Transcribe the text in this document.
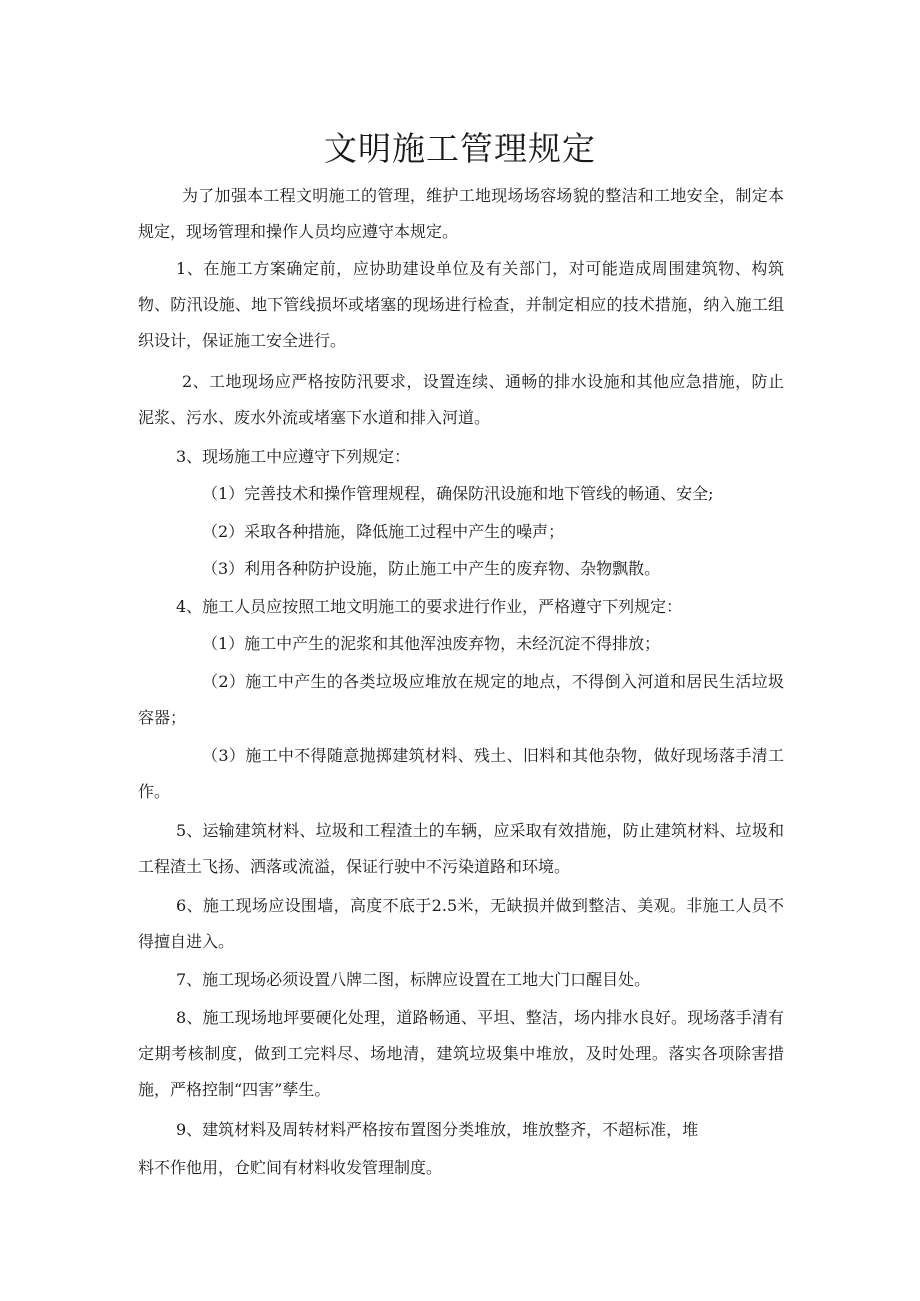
文明施工管理规定

为了加强本工程文明施工的管理，维护工地现场场容场貌的整洁和工地安全，制定本规定，现场管理和操作人员均应遵守本规定。

1、在施工方案确定前，应协助建设单位及有关部门，对可能造成周围建筑物、构筑物、防汛设施、地下管线损坏或堵塞的现场进行检查，并制定相应的技术措施，纳入施工组织设计，保证施工安全进行。

2、工地现场应严格按防汛要求，设置连续、通畅的排水设施和其他应急措施，防止泥浆、污水、废水外流或堵塞下水道和排入河道。

3、现场施工中应遵守下列规定：

（1）完善技术和操作管理规程，确保防汛设施和地下管线的畅通、安全;

（2）采取各种措施，降低施工过程中产生的噪声；

（3）利用各种防护设施，防止施工中产生的废弃物、杂物飘散。

4、施工人员应按照工地文明施工的要求进行作业，严格遵守下列规定：

（1）施工中产生的泥浆和其他浑浊废弃物，未经沉淀不得排放；

（2）施工中产生的各类垃圾应堆放在规定的地点，不得倒入河道和居民生活垃圾容器；

（3）施工中不得随意抛掷建筑材料、残土、旧料和其他杂物，做好现场落手清工作。

5、运输建筑材料、垃圾和工程渣土的车辆，应采取有效措施，防止建筑材料、垃圾和工程渣土飞扬、洒落或流溢，保证行驶中不污染道路和环境。

6、施工现场应设围墙，高度不底于2.5米，无缺损并做到整洁、美观。非施工人员不得擅自进入。

7、施工现场必须设置八牌二图，标牌应设置在工地大门口醒目处。

8、施工现场地坪要硬化处理，道路畅通、平坦、整洁，场内排水良好。现场落手清有定期考核制度，做到工完料尽、场地清，建筑垃圾集中堆放，及时处理。落实各项除害措施，严格控制“四害”孳生。

9、建筑材料及周转材料严格按布置图分类堆放，堆放整齐，不超标准，堆

料不作他用，仓贮间有材料收发管理制度。
